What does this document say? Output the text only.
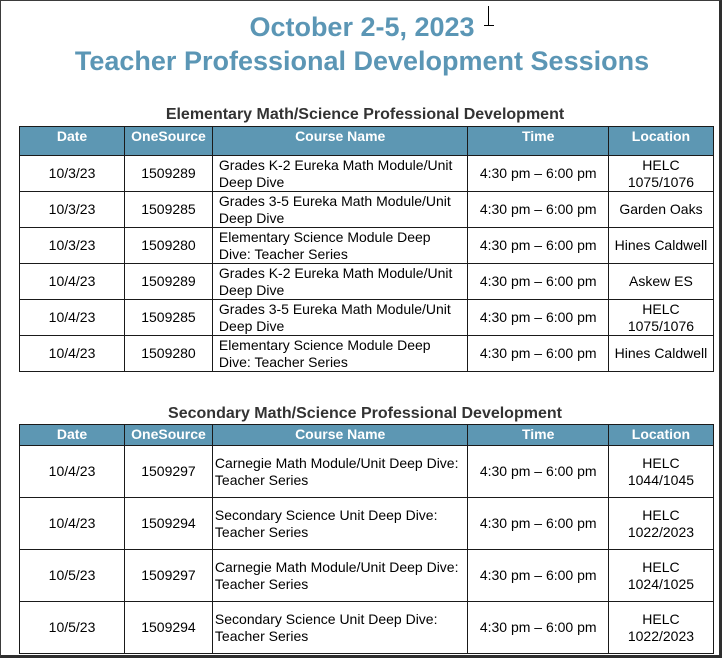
October 2-5, 2023
Teacher Professional Development Sessions
Elementary Math/Science Professional Development
Date	OneSource	Course Name	Time	Location
10/3/23	1509289	Grades K-2 Eureka Math Module/Unit Deep Dive	4:30 pm – 6:00 pm	HELC 1075/1076
10/3/23	1509285	Grades 3-5 Eureka Math Module/Unit Deep Dive	4:30 pm – 6:00 pm	Garden Oaks
10/3/23	1509280	Elementary Science Module Deep Dive: Teacher Series	4:30 pm – 6:00 pm	Hines Caldwell
10/4/23	1509289	Grades K-2 Eureka Math Module/Unit Deep Dive	4:30 pm – 6:00 pm	Askew ES
10/4/23	1509285	Grades 3-5 Eureka Math Module/Unit Deep Dive	4:30 pm – 6:00 pm	HELC 1075/1076
10/4/23	1509280	Elementary Science Module Deep Dive: Teacher Series	4:30 pm – 6:00 pm	Hines Caldwell
Secondary Math/Science Professional Development
Date	OneSource	Course Name	Time	Location
10/4/23	1509297	Carnegie Math Module/Unit Deep Dive: Teacher Series	4:30 pm – 6:00 pm	HELC 1044/1045
10/4/23	1509294	Secondary Science Unit Deep Dive: Teacher Series	4:30 pm – 6:00 pm	HELC 1022/2023
10/5/23	1509297	Carnegie Math Module/Unit Deep Dive: Teacher Series	4:30 pm – 6:00 pm	HELC 1024/1025
10/5/23	1509294	Secondary Science Unit Deep Dive: Teacher Series	4:30 pm – 6:00 pm	HELC 1022/2023
